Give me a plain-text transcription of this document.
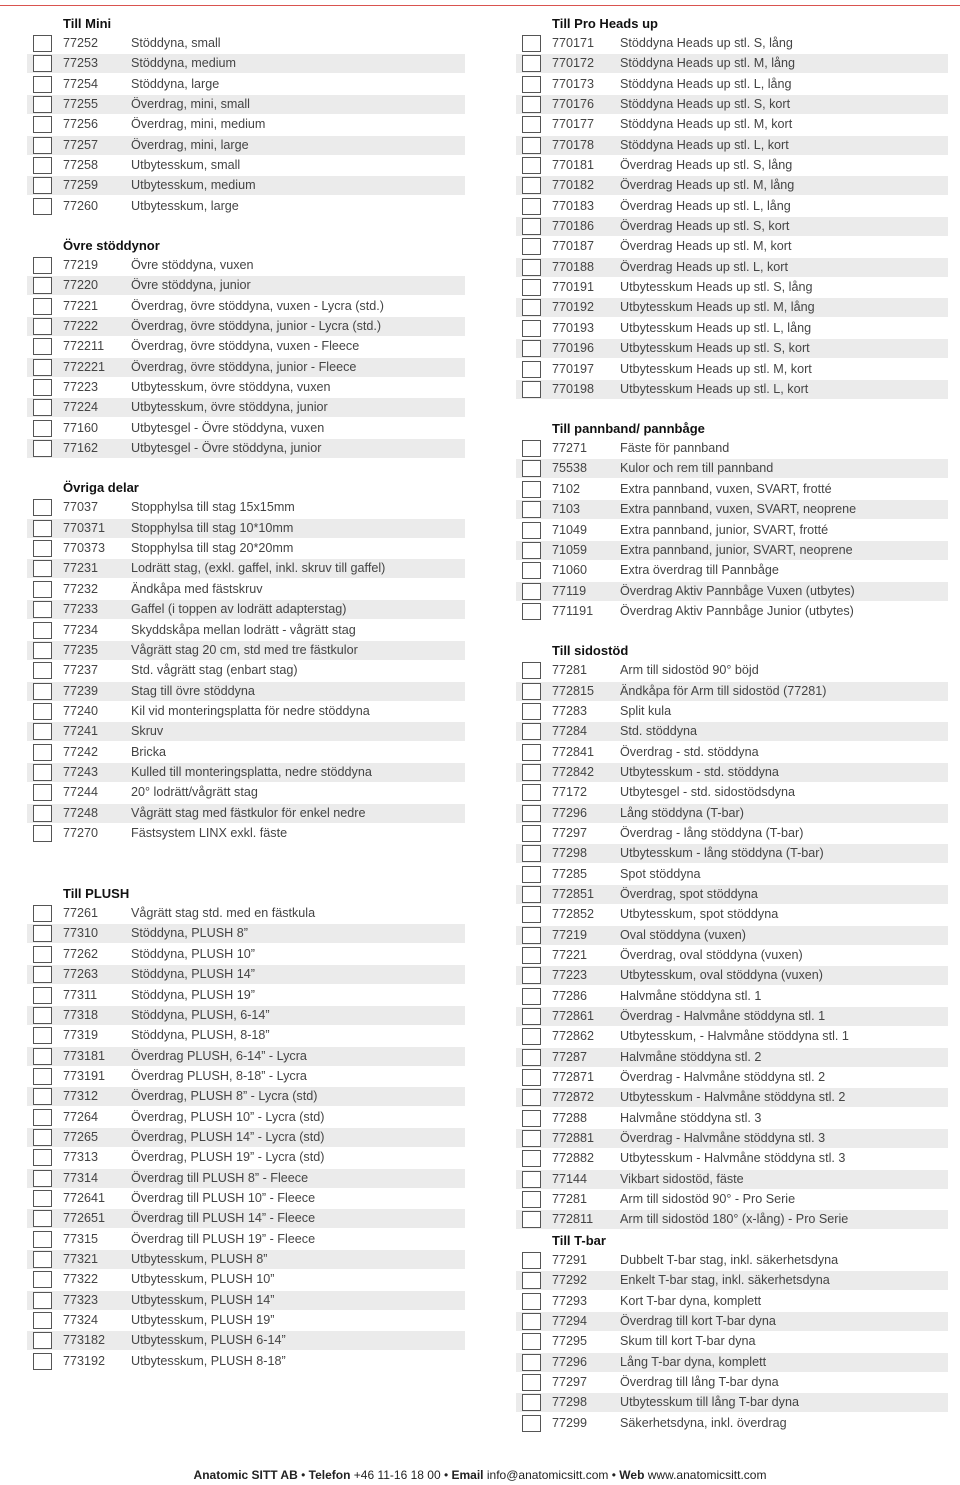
Till Mini
77252	Stöddyna, small
77253	Stöddyna, medium
77254	Stöddyna, large
77255	Överdrag, mini, small
77256	Överdrag, mini, medium
77257	Överdrag, mini, large
77258	Utbytesskum, small
77259	Utbytesskum, medium
77260	Utbytesskum, large
Övre stöddynor
77219	Övre stöddyna, vuxen
77220	Övre stöddyna, junior
77221	Överdrag, övre stöddyna, vuxen - Lycra (std.)
77222	Överdrag, övre stöddyna, junior - Lycra (std.)
772211 Överdrag, övre stöddyna, vuxen - Fleece
772221 Överdrag, övre stöddyna, junior - Fleece
77223	Utbytesskum, övre stöddyna, vuxen
77224	Utbytesskum, övre stöddyna, junior
77160	Utbytesgel - Övre stöddyna, vuxen
77162	Utbytesgel - Övre stöddyna, junior
Övriga delar
77037	Stopphylsa till stag 15x15mm
770371 Stopphylsa till stag 10*10mm
770373 Stopphylsa till stag 20*20mm
77231	Lodrätt stag, (exkl. gaffel, inkl. skruv till gaffel)
77232	Ändkåpa med fästskruv
77233	Gaffel (i toppen av lodrätt adapterstag)
77234	Skyddskåpa mellan lodrätt - vågrätt stag
77235	Vågrätt stag 20 cm, std med tre fästkulor
77237	Std. vågrätt stag (enbart stag)
77239	Stag till övre stöddyna
77240	Kil vid monteringsplatta för nedre stöddyna
77241	Skruv
77242	Bricka
77243	Kulled till monteringsplatta, nedre stöddyna
77244	20° lodrätt/vågrätt stag
77248	Vågrätt stag med fästkulor för enkel nedre
77270	Fästsystem LINX exkl. fäste
Till PLUSH
77261	Vågrätt stag std. med en fästkula
77310	Stöddyna, PLUSH 8”
77262	Stöddyna, PLUSH 10”
77263	Stöddyna, PLUSH 14”
77311	Stöddyna, PLUSH 19”
77318	Stöddyna, PLUSH, 6-14”
77319	Stöddyna, PLUSH, 8-18”
773181 Överdrag PLUSH, 6-14” - Lycra
773191 Överdrag PLUSH, 8-18” - Lycra
77312	Överdrag, PLUSH 8” - Lycra (std)
77264	Överdrag, PLUSH 10” - Lycra (std)
77265	Överdrag, PLUSH 14” - Lycra (std)
77313	Överdrag, PLUSH 19” - Lycra (std)
77314	Överdrag till PLUSH 8” - Fleece
772641 Överdrag till PLUSH 10” - Fleece
772651 Överdrag till PLUSH 14” - Fleece
77315	Överdrag till PLUSH 19” - Fleece
77321	Utbytesskum, PLUSH 8”
77322	Utbytesskum, PLUSH 10”
77323	Utbytesskum, PLUSH 14”
77324	Utbytesskum, PLUSH 19”
773182 Utbytesskum, PLUSH 6-14”
773192 Utbytesskum, PLUSH 8-18”
Till Pro Heads up
770171 Stöddyna Heads up stl. S, lång
770172 Stöddyna Heads up stl. M, lång
770173 Stöddyna Heads up stl. L, lång
770176 Stöddyna Heads up stl. S, kort
770177 Stöddyna Heads up stl. M, kort
770178 Stöddyna Heads up stl. L, kort
770181 Överdrag Heads up stl. S, lång
770182 Överdrag Heads up stl. M, lång
770183 Överdrag Heads up stl. L, lång
770186 Överdrag Heads up stl. S, kort
770187 Överdrag Heads up stl. M, kort
770188 Överdrag Heads up stl. L, kort
770191 Utbytesskum Heads up stl. S, lång
770192 Utbytesskum Heads up stl. M, lång
770193 Utbytesskum Heads up stl. L, lång
770196 Utbytesskum Heads up stl. S, kort
770197 Utbytesskum Heads up stl. M, kort
770198 Utbytesskum Heads up stl. L, kort
Till pannband/ pannbåge
77271	Fäste för pannband
75538	Kulor och rem till pannband
7102	Extra pannband, vuxen, SVART, frotté
7103	Extra pannband, vuxen, SVART, neoprene
71049	Extra pannband, junior, SVART, frotté
71059	Extra pannband, junior, SVART, neoprene
71060	Extra överdrag till Pannbåge
77119	Överdrag Aktiv Pannbåge Vuxen (utbytes)
771191 Överdrag Aktiv Pannbåge Junior (utbytes)
Till sidostöd
77281	Arm till sidostöd 90° böjd
772815 Ändkåpa för Arm till sidostöd (77281)
77283	Split kula
77284	Std. stöddyna
772841 Överdrag - std. stöddyna
772842 Utbytesskum - std. stöddyna
77172	Utbytesgel - std. sidostödsdyna
77296	Lång stöddyna (T-bar)
77297	Överdrag - lång stöddyna (T-bar)
77298	Utbytesskum - lång stöddyna (T-bar)
77285	Spot stöddyna
772851 Överdrag, spot stöddyna
772852 Utbytesskum, spot stöddyna
77219	Oval stöddyna (vuxen)
77221	Överdrag, oval stöddyna (vuxen)
77223	Utbytesskum, oval stöddyna (vuxen)
77286	Halvmåne stöddyna stl. 1
772861 Överdrag - Halvmåne stöddyna stl. 1
772862 Utbytesskum, - Halvmåne stöddyna stl. 1
77287	Halvmåne stöddyna stl. 2
772871 Överdrag - Halvmåne stöddyna stl. 2
772872 Utbytesskum - Halvmåne stöddyna stl. 2
77288	Halvmåne stöddyna stl. 3
772881 Överdrag - Halvmåne stöddyna stl. 3
772882 Utbytesskum - Halvmåne stöddyna stl. 3
77144	Vikbart sidostöd, fäste
77281	Arm till sidostöd 90° - Pro Serie
772811 Arm till sidostöd 180° (x-lång) - Pro Serie
Till T-bar
77291	Dubbelt T-bar stag, inkl. säkerhetsdyna
77292	Enkelt T-bar stag, inkl. säkerhetsdyna
77293	Kort T-bar dyna, komplett
77294	Överdrag till kort T-bar dyna
77295	Skum till kort T-bar dyna
77296	Lång T-bar dyna, komplett
77297	Överdrag till lång T-bar dyna
77298	Utbytesskum till lång T-bar dyna
77299	Säkerhetsdyna, inkl. överdrag
Anatomic SITT AB • Telefon +46 11-16 18 00 • Email info@anatomicsitt.com • Web www.anatomicsitt.com
